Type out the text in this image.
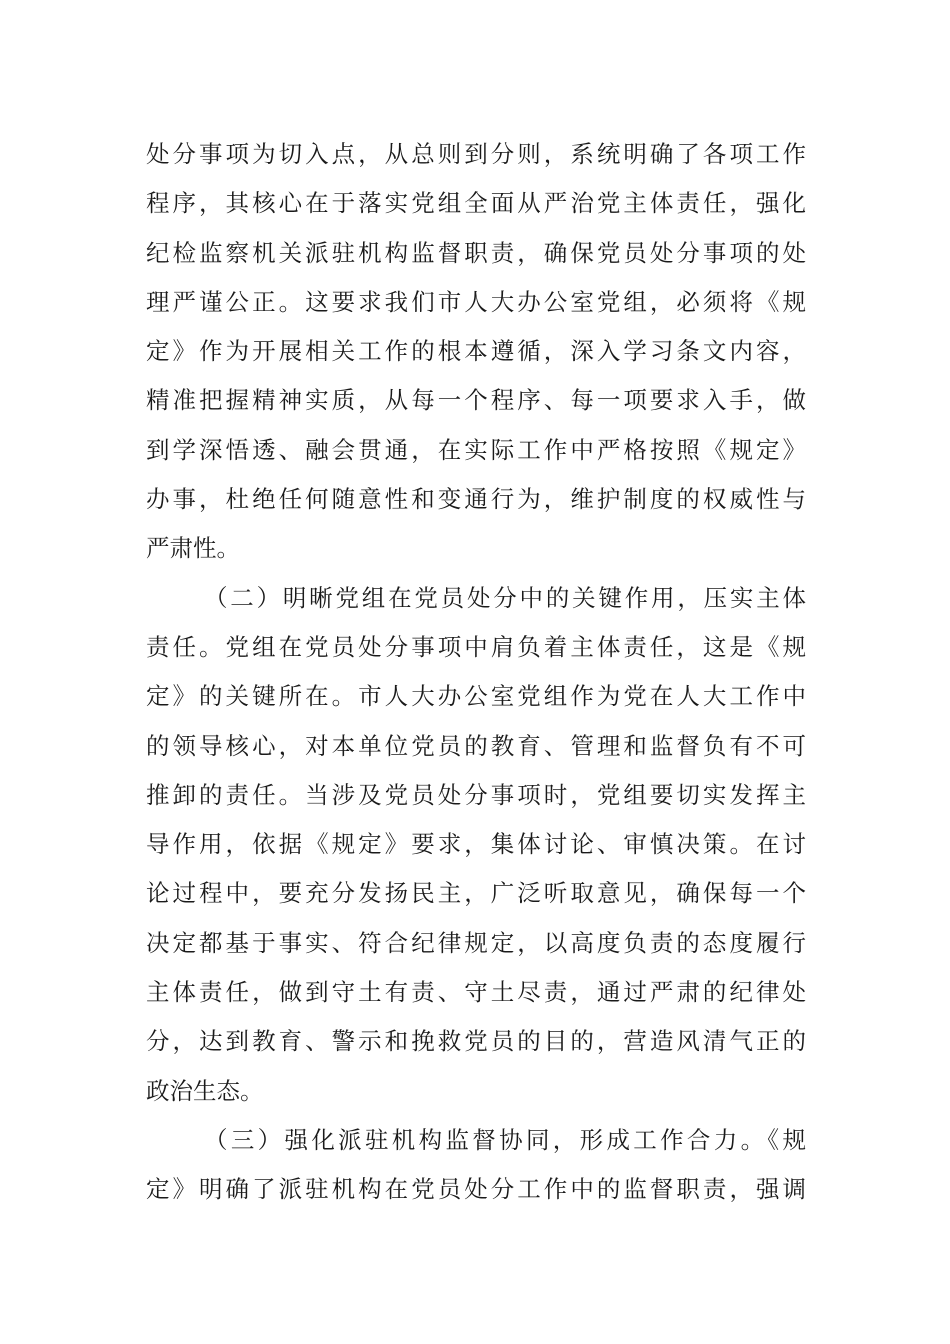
处分事项为切入点，从总则到分则，系统明确了各项工作
程序，其核心在于落实党组全面从严治党主体责任，强化
纪检监察机关派驻机构监督职责，确保党员处分事项的处
理严谨公正。这要求我们市人大办公室党组，必须将《规
定》作为开展相关工作的根本遵循，深入学习条文内容，
精准把握精神实质，从每一个程序、每一项要求入手，做
到学深悟透、融会贯通，在实际工作中严格按照《规定》
办事，杜绝任何随意性和变通行为，维护制度的权威性与
严肃性。
（二）明晰党组在党员处分中的关键作用，压实主体
责任。党组在党员处分事项中肩负着主体责任，这是《规
定》的关键所在。市人大办公室党组作为党在人大工作中
的领导核心，对本单位党员的教育、管理和监督负有不可
推卸的责任。当涉及党员处分事项时，党组要切实发挥主
导作用，依据《规定》要求，集体讨论、审慎决策。在讨
论过程中，要充分发扬民主，广泛听取意见，确保每一个
决定都基于事实、符合纪律规定，以高度负责的态度履行
主体责任，做到守土有责、守土尽责，通过严肃的纪律处
分，达到教育、警示和挽救党员的目的，营造风清气正的
政治生态。
（三）强化派驻机构监督协同，形成工作合力。《规
定》明确了派驻机构在党员处分工作中的监督职责，强调
